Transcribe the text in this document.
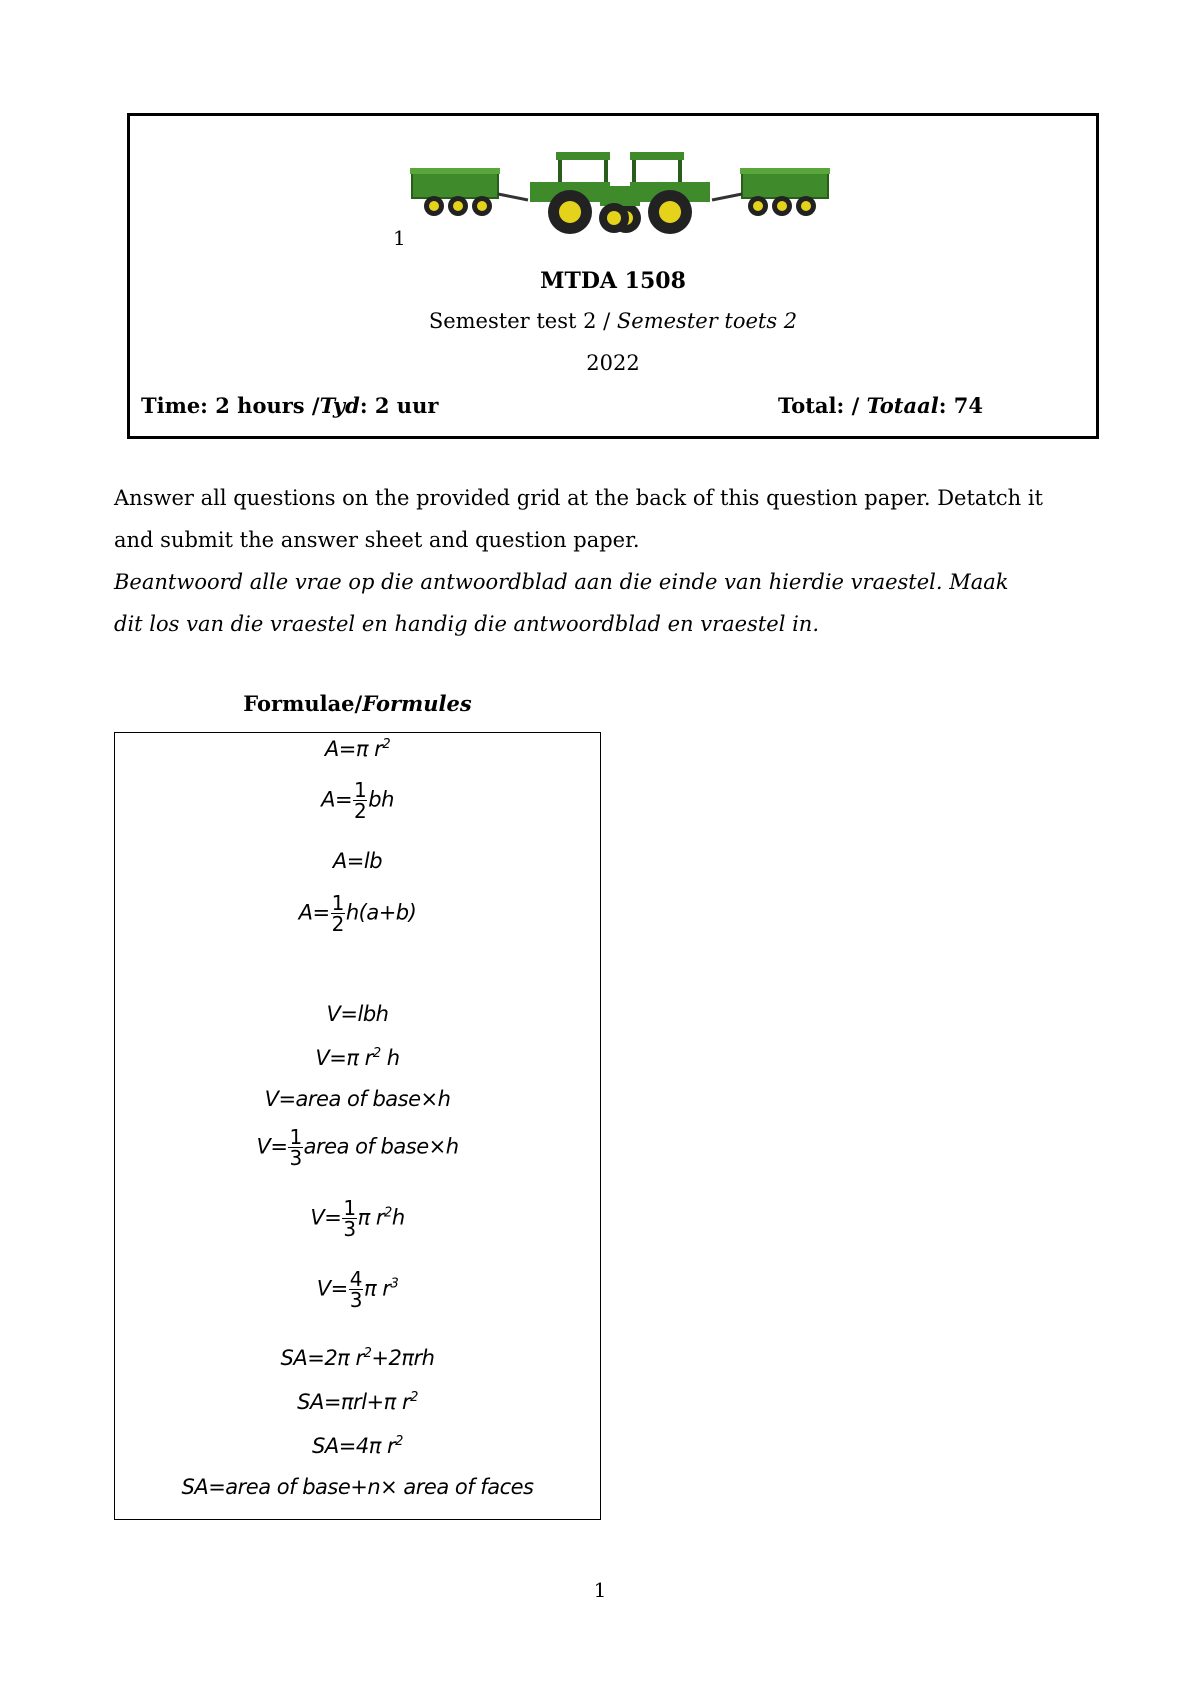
1
MTDA 1508
Semester test 2 / Semester toets 2
2022
Time: 2 hours /Tyd: 2 uur	Total: / Totaal: 74
Answer all questions on the provided grid at the back of this question paper. Detatch it
and submit the answer sheet and question paper.
Beantwoord alle vrae op die antwoordblad aan die einde van hierdie vraestel. Maak
dit los van die vraestel en handig die antwoordblad en vraestel in.
Formulae/Formules
A=π $r^2$
$A= \frac{1}{2}$ bh
A=lb
$A= \frac{1}{2} h(a+b)$
V=lbh
V=π $r^2$ h
V=area of base×h
$V= \frac{1}{3}$ area of base×h
$V= \frac{1}{3}$ π $r^2h$
$V= \frac{4}{3}$ π $r^3$
SA=2π $r^2+2\pi rh$
SA=πrl+π $r^2$
SA=4π $r^2$
SA=area of base+n× area of faces
1
